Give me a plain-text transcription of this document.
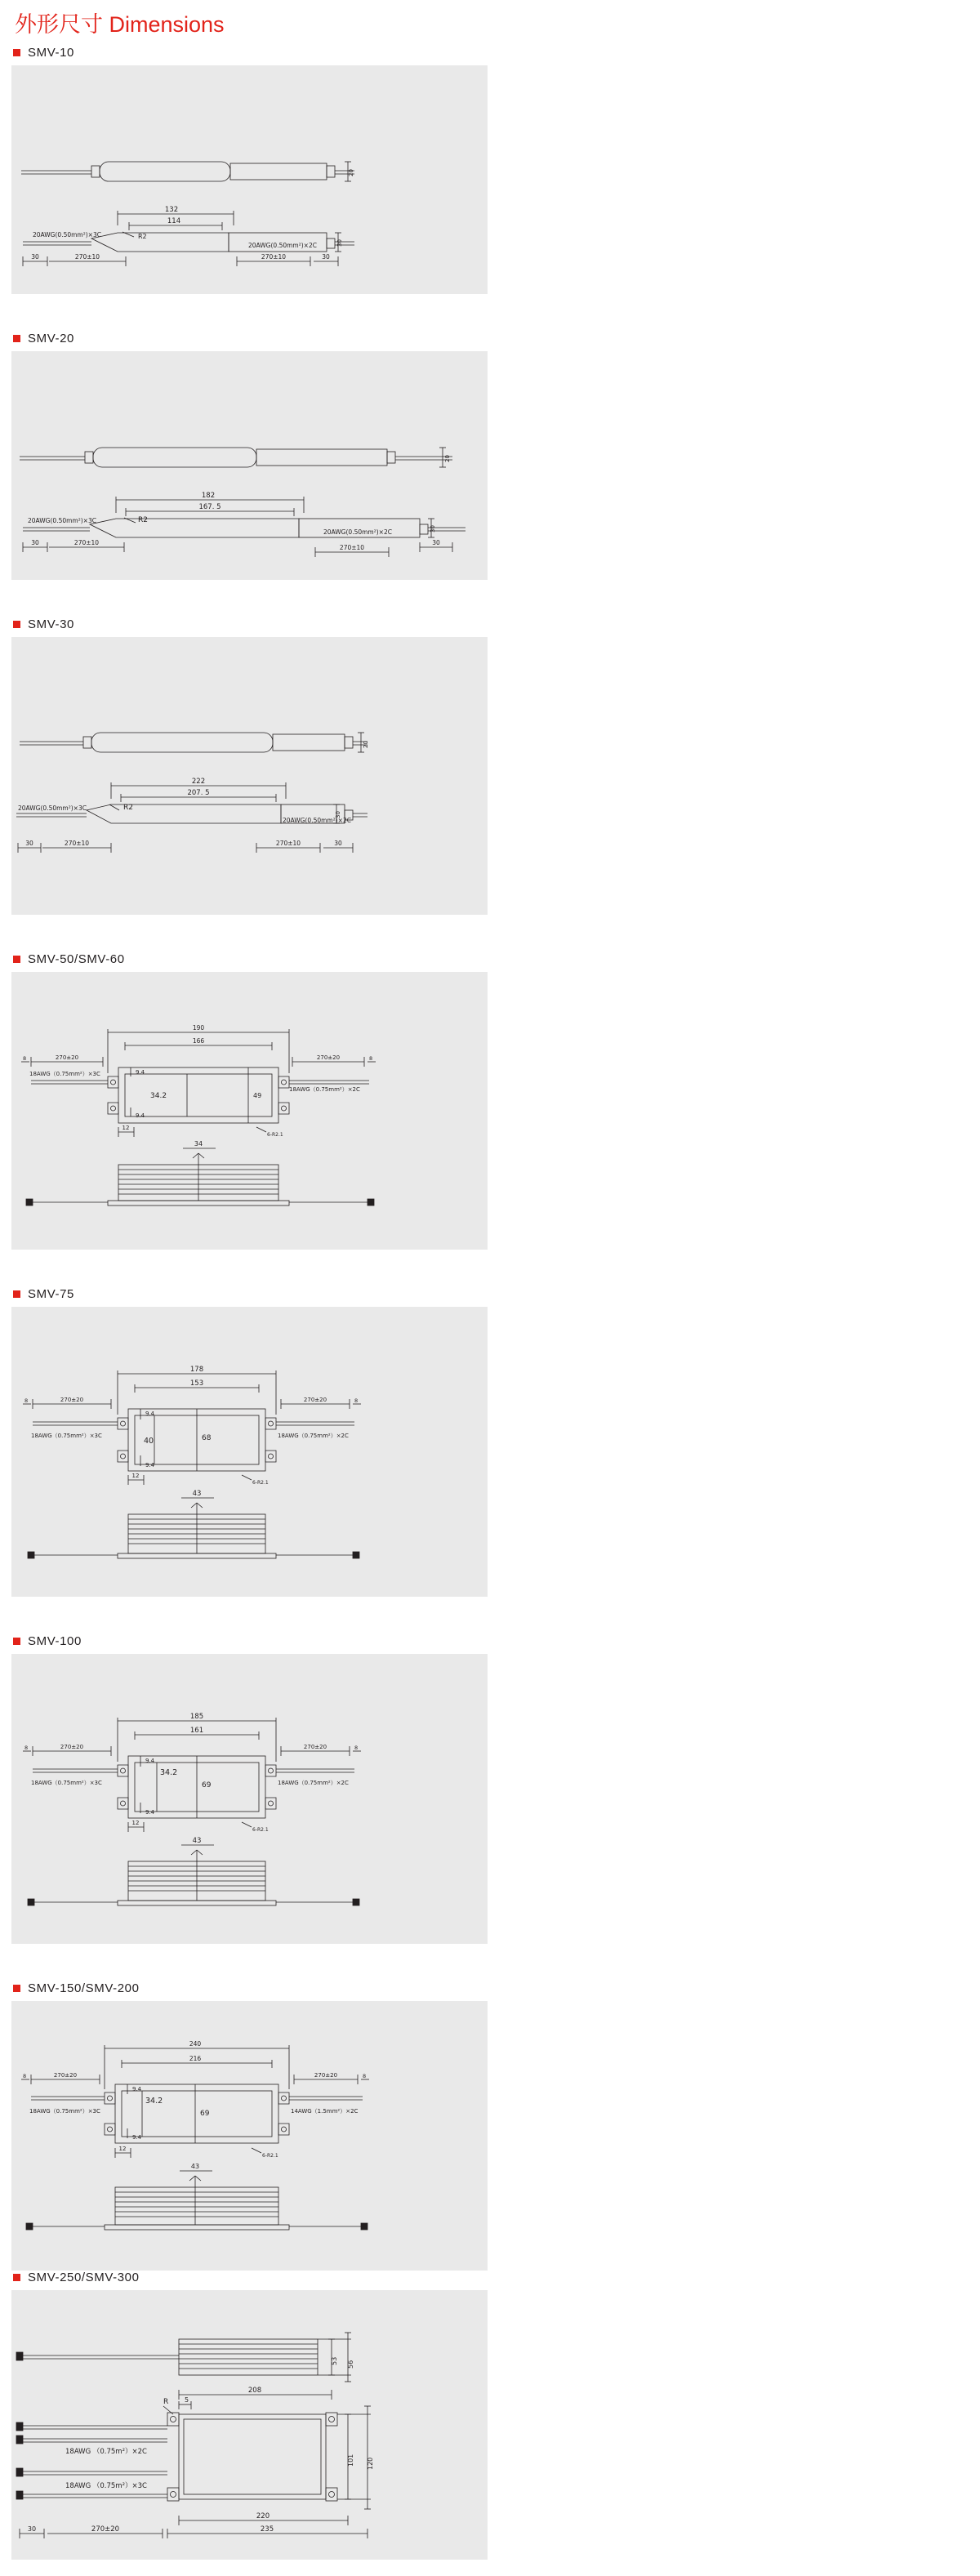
外形尺寸 Dimensions
SMV-10
20
132
114
20AWG(0.50mm²)×3C
20AWG(0.50mm²)×2C
R2
30
30	270±10	270±10	30
SMV-20
20
182
167. 5
20AWG(0.50mm²)×3C
20AWG(0.50mm²)×2C
R2
30
30	270±10
270±10
30
SMV-30
20
222
207. 5
20AWG(0.50mm²)×3C
20AWG(0.50mm²)×2C
R2
30
30	270±10	270±10	30
SMV-50/SMV-60
190
166
270±20	270±20
8	8
18AWG（0.75mm²）×3C
18AWG（0.75mm²）×2C
9.4
9.4
34.2	49
12
6-R2.1
34
SMV-75
178
153
270±20	270±20
8	8
18AWG（0.75mm²）×3C	18AWG（0.75mm²）×2C
9.4
9.4
40	68
12
6-R2.1
43
SMV-100
185
161
270±20	270±20
8	8
18AWG（0.75mm²）×3C	18AWG（0.75mm²）×2C
9.4
9.4
34.2
69
12
6-R2.1
43
SMV-150/SMV-200
240
216
270±20	270±20
8	8
18AWG（0.75mm²）×3C	14AWG（1.5mm²）×2C
9.4
9.4
34.2
69
12
6-R2.1
43
SMV-250/SMV-300
53 56
208
R 5
101 120
18AWG （0.75m²）×2C
18AWG （0.75m²）×3C
220
235
30	270±20
